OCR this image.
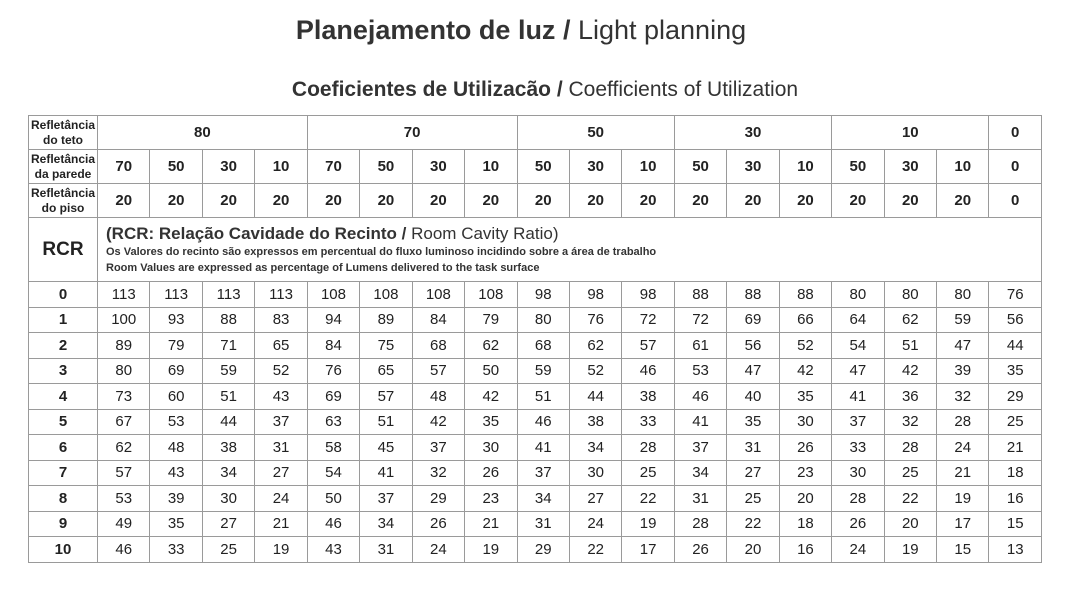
Planejamento de luz / Light planning
Coeficientes de Utilizacão / Coefficients of Utilization
Refletância do teto	80				70				50			30			10			0
Refletância da parede	70	50	30	10	70	50	30	10	50	30	10	50	30	10	50	30	10	0
Refletância do piso	20	20	20	20	20	20	20	20	20	20	20	20	20	20	20	20	20	0
RCR	(RCR: Relação Cavidade do Recinto / Room Cavity Ratio)
Os Valores do recinto são expressos em percentual do fluxo luminoso incidindo sobre a área de trabalho
Room Values are expressed as percentage of Lumens delivered to the task surface																	

0	113	113	113	113	108	108	108	108	98	98	98	88	88	88	80	80	80	76
1	100	93	88	83	94	89	84	79	80	76	72	72	69	66	64	62	59	56
2	89	79	71	65	84	75	68	62	68	62	57	61	56	52	54	51	47	44
3	80	69	59	52	76	65	57	50	59	52	46	53	47	42	47	42	39	35
4	73	60	51	43	69	57	48	42	51	44	38	46	40	35	41	36	32	29
5	67	53	44	37	63	51	42	35	46	38	33	41	35	30	37	32	28	25
6	62	48	38	31	58	45	37	30	41	34	28	37	31	26	33	28	24	21
7	57	43	34	27	54	41	32	26	37	30	25	34	27	23	30	25	21	18
8	53	39	30	24	50	37	29	23	34	27	22	31	25	20	28	22	19	16
9	49	35	27	21	46	34	26	21	31	24	19	28	22	18	26	20	17	15
10	46	33	25	19	43	31	24	19	29	22	17	26	20	16	24	19	15	13
